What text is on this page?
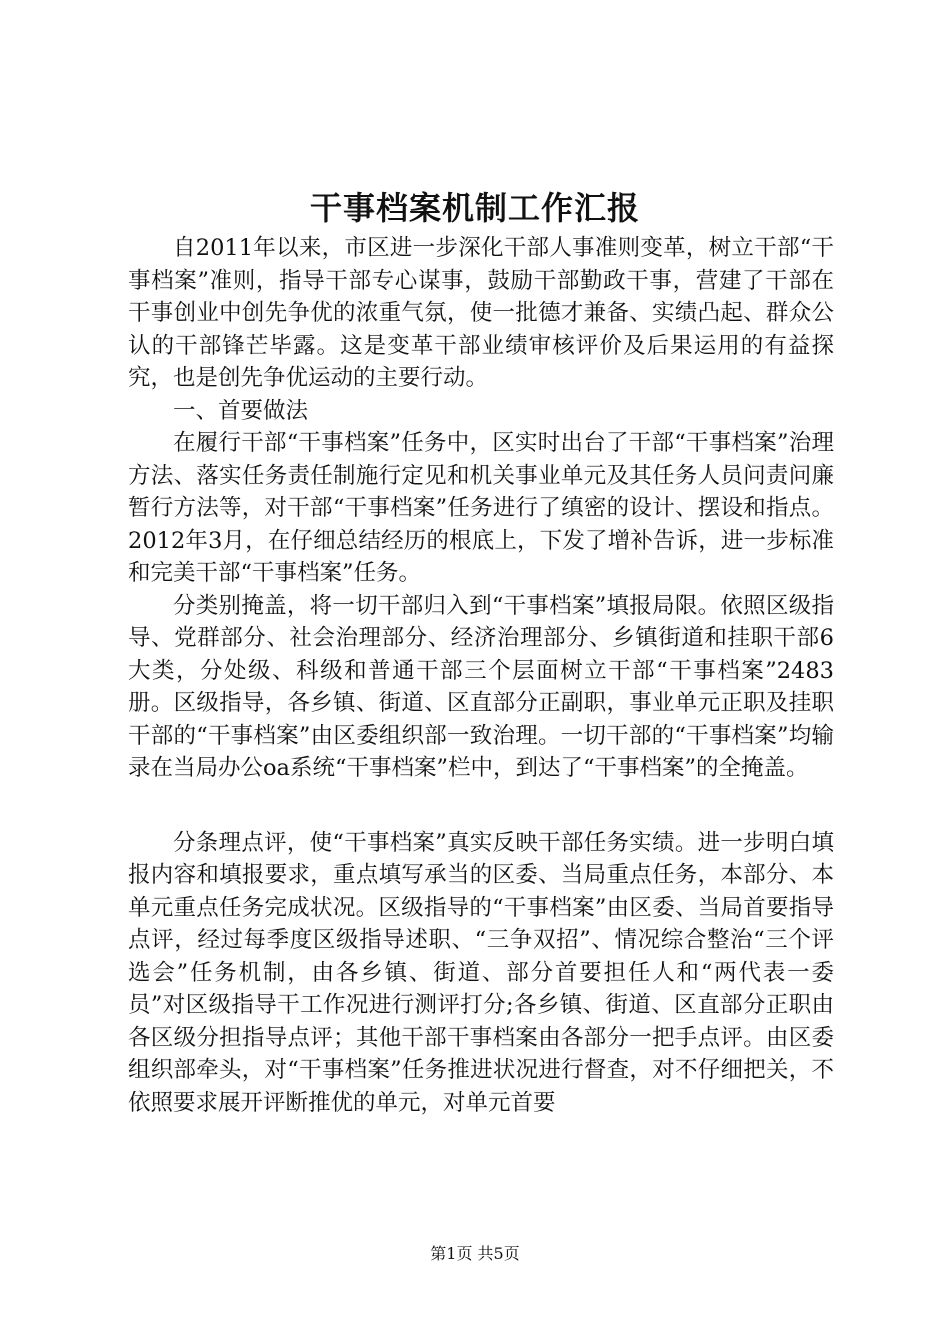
干事档案机制工作汇报

自2011年以来，市区进一步深化干部人事准则变革，树立干部“干事档案”准则，指导干部专心谋事，鼓励干部勤政干事，营建了干部在干事创业中创先争优的浓重气氛，使一批德才兼备、实绩凸起、群众公认的干部锋芒毕露。这是变革干部业绩审核评价及后果运用的有益探究，也是创先争优运动的主要行动。

一、首要做法

在履行干部“干事档案”任务中，区实时出台了干部“干事档案”治理方法、落实任务责任制施行定见和机关事业单元及其任务人员问责问廉暂行方法等，对干部“干事档案”任务进行了缜密的设计、摆设和指点。2012年3月，在仔细总结经历的根底上，下发了增补告诉，进一步标准和完美干部“干事档案”任务。

分类别掩盖，将一切干部归入到“干事档案”填报局限。依照区级指导、党群部分、社会治理部分、经济治理部分、乡镇街道和挂职干部6大类，分处级、科级和普通干部三个层面树立干部“干事档案”2483册。区级指导，各乡镇、街道、区直部分正副职，事业单元正职及挂职干部的“干事档案”由区委组织部一致治理。一切干部的“干事档案”均输录在当局办公oa系统“干事档案”栏中，到达了“干事档案”的全掩盖。

分条理点评，使“干事档案”真实反映干部任务实绩。进一步明白填报内容和填报要求，重点填写承当的区委、当局重点任务，本部分、本单元重点任务完成状况。区级指导的“干事档案”由区委、当局首要指导点评，经过每季度区级指导述职、“三争双招”、情况综合整治“三个评选会”任务机制，由各乡镇、街道、部分首要担任人和“两代表一委员”对区级指导干工作况进行测评打分;各乡镇、街道、区直部分正职由各区级分担指导点评；其他干部干事档案由各部分一把手点评。由区委组织部牵头，对“干事档案”任务推进状况进行督查，对不仔细把关，不依照要求展开评断推优的单元，对单元首要

第1页 共5页
